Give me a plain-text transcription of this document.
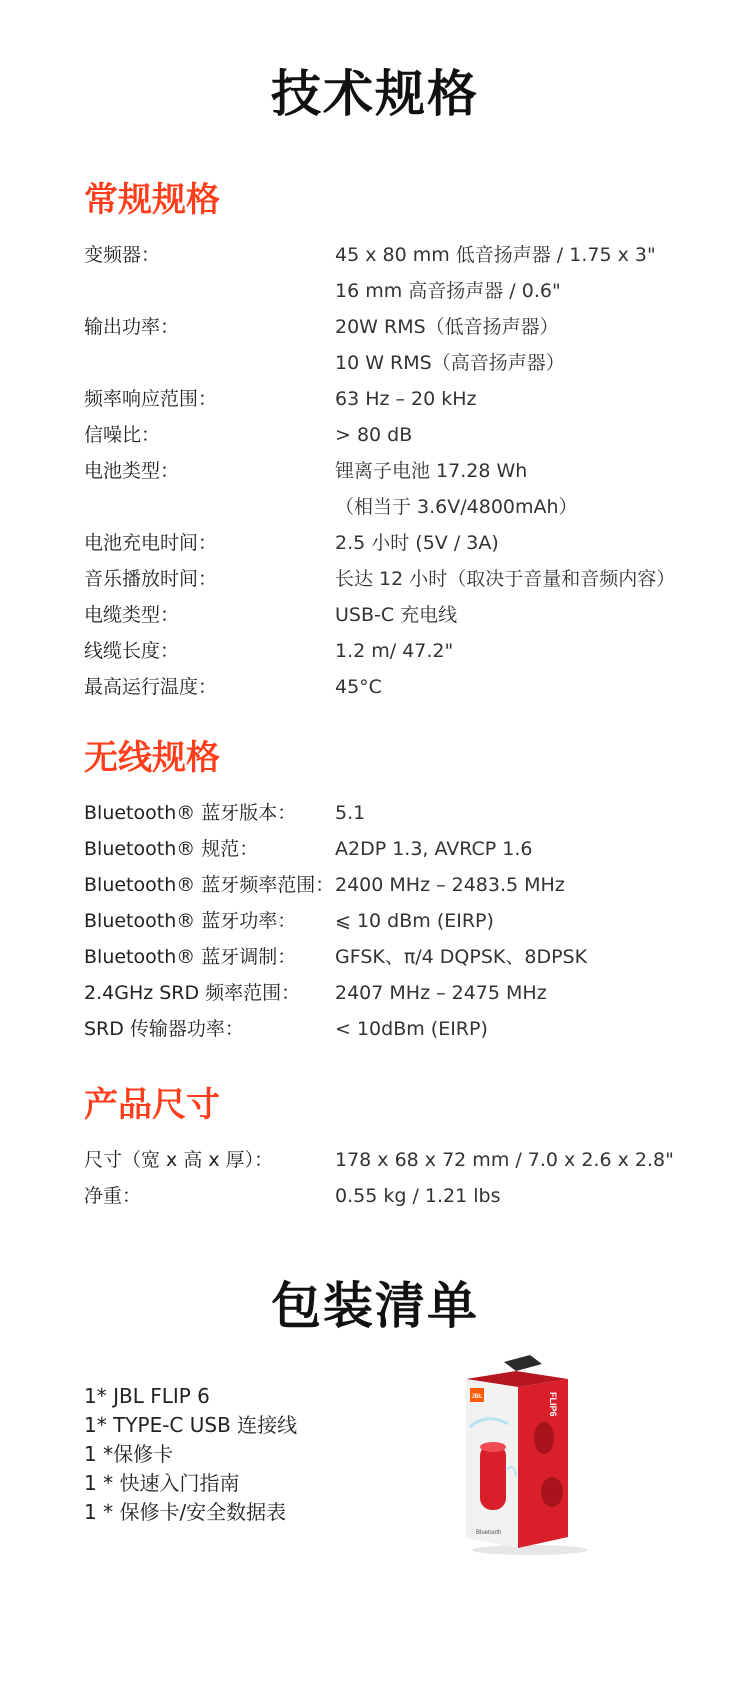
技术规格
常规规格
变频器：	45 x 80 mm 低音扬声器 / 1.75 x 3"
16 mm 高音扬声器 / 0.6"
输出功率：	20W RMS（低音扬声器）
10 W RMS（高音扬声器）
频率响应范围：	63 Hz – 20 kHz
信噪比：	> 80 dB
电池类型：	锂离子电池 17.28 Wh
（相当于 3.6V/4800mAh）
电池充电时间：	2.5 小时 (5V / 3A)
音乐播放时间：	长达 12 小时（取决于音量和音频内容）
电缆类型：	USB-C 充电线
线缆长度：	1.2 m/ 47.2"
最高运行温度：	45°C
无线规格
Bluetooth® 蓝牙版本：	5.1
Bluetooth® 规范：	A2DP 1.3, AVRCP 1.6
Bluetooth® 蓝牙频率范围： 2400 MHz – 2483.5 MHz
Bluetooth® 蓝牙功率：	⩽ 10 dBm (EIRP)
Bluetooth® 蓝牙调制：	GFSK、π/4 DQPSK、8DPSK
2.4GHz SRD 频率范围：	2407 MHz – 2475 MHz
SRD 传输器功率：	< 10dBm (EIRP)
产品尺寸
尺寸（宽 x 高 x 厚）：	178 x 68 x 72 mm / 7.0 x 2.6 x 2.8"
净重：	0.55 kg / 1.21 lbs
包装清单
1* JBL FLIP 6
1* TYPE-C USB 连接线
1 *保修卡
1 * 快速入门指南
1 * 保修卡/安全数据表
JBL	FLIP6
Bluetooth
